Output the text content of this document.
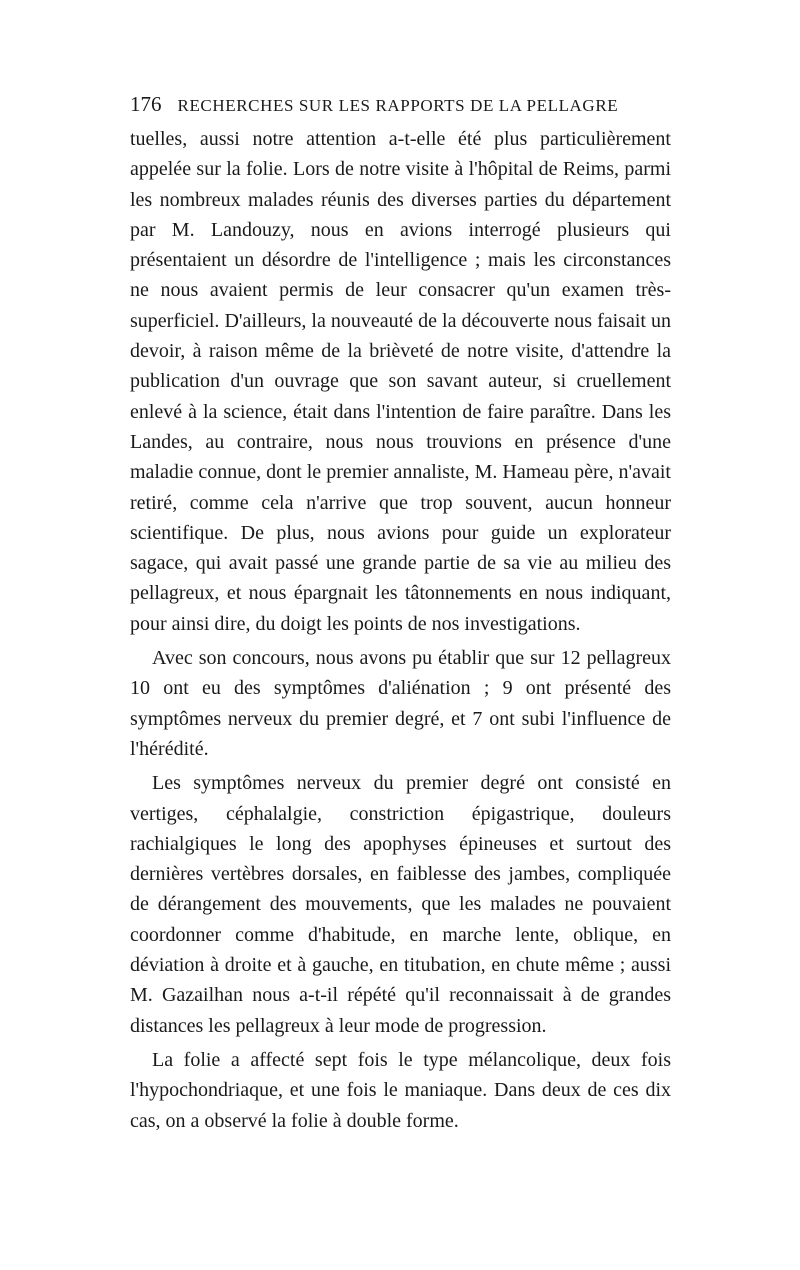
176 RECHERCHES SUR LES RAPPORTS DE LA PELLAGRE

tuelles, aussi notre attention a-t-elle été plus particulièrement appelée sur la folie. Lors de notre visite à l'hôpital de Reims, parmi les nombreux malades réunis des diverses parties du département par M. Landouzy, nous en avions interrogé plusieurs qui présentaient un désordre de l'intelligence ; mais les circonstances ne nous avaient permis de leur consacrer qu'un examen très-superficiel. D'ailleurs, la nouveauté de la découverte nous faisait un devoir, à raison même de la brièveté de notre visite, d'attendre la publication d'un ouvrage que son savant auteur, si cruellement enlevé à la science, était dans l'intention de faire paraître. Dans les Landes, au contraire, nous nous trouvions en présence d'une maladie connue, dont le premier annaliste, M. Hameau père, n'avait retiré, comme cela n'arrive que trop souvent, aucun honneur scientifique. De plus, nous avions pour guide un explorateur sagace, qui avait passé une grande partie de sa vie au milieu des pellagreux, et nous épargnait les tâtonnements en nous indiquant, pour ainsi dire, du doigt les points de nos investigations.

Avec son concours, nous avons pu établir que sur 12 pellagreux 10 ont eu des symptômes d'aliénation ; 9 ont présenté des symptômes nerveux du premier degré, et 7 ont subi l'influence de l'hérédité.

Les symptômes nerveux du premier degré ont consisté en vertiges, céphalalgie, constriction épigastrique, douleurs rachialgiques le long des apophyses épineuses et surtout des dernières vertèbres dorsales, en faiblesse des jambes, compliquée de dérangement des mouvements, que les malades ne pouvaient coordonner comme d'habitude, en marche lente, oblique, en déviation à droite et à gauche, en titubation, en chute même ; aussi M. Gazailhan nous a-t-il répété qu'il reconnaissait à de grandes distances les pellagreux à leur mode de progression.

La folie a affecté sept fois le type mélancolique, deux fois l'hypochondriaque, et une fois le maniaque. Dans deux de ces dix cas, on a observé la folie à double forme.
